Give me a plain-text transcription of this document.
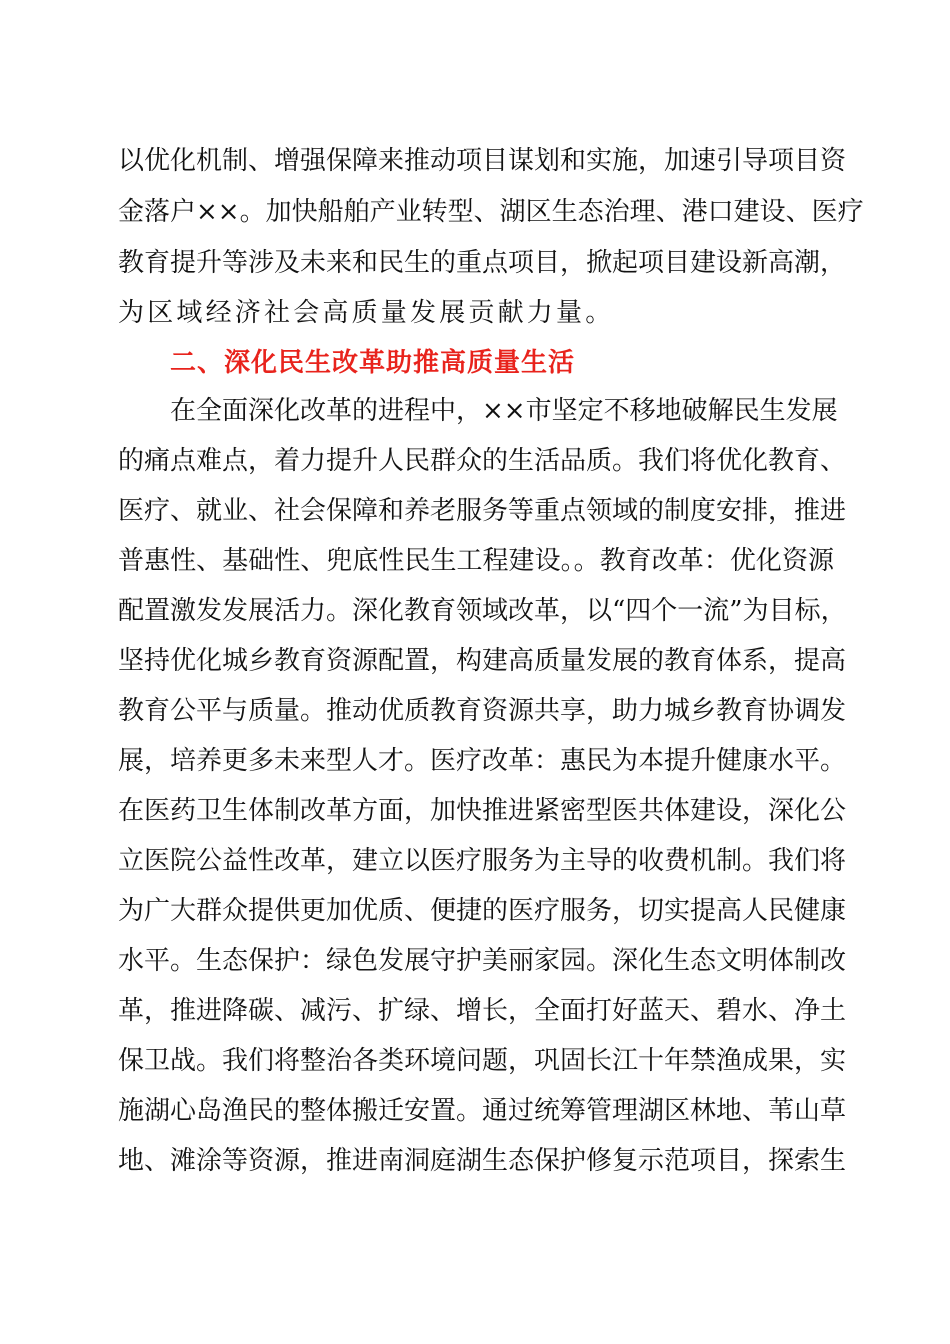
以优化机制、增强保障来推动项目谋划和实施，加速引导项目资
金落户××。加快船舶产业转型、湖区生态治理、港口建设、医疗
教育提升等涉及未来和民生的重点项目，掀起项目建设新高潮，
为区域经济社会高质量发展贡献力量。
二、深化民生改革助推高质量生活
在全面深化改革的进程中，××市坚定不移地破解民生发展
的痛点难点，着力提升人民群众的生活品质。我们将优化教育、
医疗、就业、社会保障和养老服务等重点领域的制度安排，推进
普惠性、基础性、兜底性民生工程建设。。教育改革：优化资源
配置激发发展活力。深化教育领域改革，以“四个一流”为目标，
坚持优化城乡教育资源配置，构建高质量发展的教育体系，提高
教育公平与质量。推动优质教育资源共享，助力城乡教育协调发
展，培养更多未来型人才。医疗改革：惠民为本提升健康水平。
在医药卫生体制改革方面，加快推进紧密型医共体建设，深化公
立医院公益性改革，建立以医疗服务为主导的收费机制。我们将
为广大群众提供更加优质、便捷的医疗服务，切实提高人民健康
水平。生态保护：绿色发展守护美丽家园。深化生态文明体制改
革，推进降碳、减污、扩绿、增长，全面打好蓝天、碧水、净土
保卫战。我们将整治各类环境问题，巩固长江十年禁渔成果，实
施湖心岛渔民的整体搬迁安置。通过统筹管理湖区林地、苇山草
地、滩涂等资源，推进南洞庭湖生态保护修复示范项目，探索生
